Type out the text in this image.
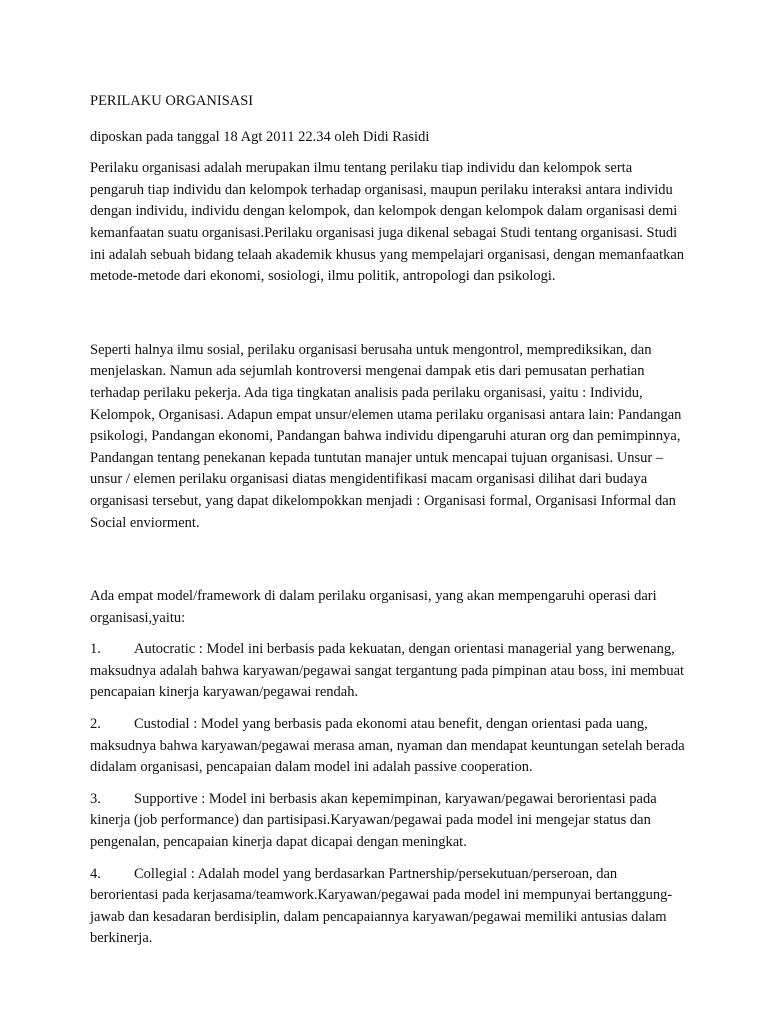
PERILAKU ORGANISASI

diposkan pada tanggal 18 Agt 2011 22.34 oleh Didi Rasidi

Perilaku organisasi adalah merupakan ilmu tentang perilaku tiap individu dan kelompok serta pengaruh tiap individu dan kelompok terhadap organisasi, maupun perilaku interaksi antara individu dengan individu, individu dengan kelompok, dan kelompok dengan kelompok dalam organisasi demi kemanfaatan suatu organisasi.Perilaku organisasi juga dikenal sebagai Studi tentang organisasi. Studi ini adalah sebuah bidang telaah akademik khusus yang mempelajari organisasi, dengan memanfaatkan metode-metode dari ekonomi, sosiologi, ilmu politik, antropologi dan psikologi.

Seperti halnya ilmu sosial, perilaku organisasi berusaha untuk mengontrol, memprediksikan, dan menjelaskan. Namun ada sejumlah kontroversi mengenai dampak etis dari pemusatan perhatian terhadap perilaku pekerja. Ada tiga tingkatan analisis pada perilaku organisasi, yaitu : Individu, Kelompok, Organisasi. Adapun empat unsur/elemen utama perilaku organisasi antara lain: Pandangan psikologi, Pandangan ekonomi, Pandangan bahwa individu dipengaruhi aturan org dan pemimpinnya, Pandangan tentang penekanan kepada tuntutan manajer untuk mencapai tujuan organisasi. Unsur – unsur / elemen perilaku organisasi diatas mengidentifikasi macam organisasi dilihat dari budaya organisasi tersebut, yang dapat dikelompokkan menjadi : Organisasi formal, Organisasi Informal dan Social enviorment.

Ada empat model/framework di dalam perilaku organisasi, yang akan mempengaruhi operasi dari organisasi,yaitu:

1. Autocratic : Model ini berbasis pada kekuatan, dengan orientasi managerial yang berwenang, maksudnya adalah bahwa karyawan/pegawai sangat tergantung pada pimpinan atau boss, ini membuat pencapaian kinerja karyawan/pegawai rendah.

2. Custodial : Model yang berbasis pada ekonomi atau benefit, dengan orientasi pada uang, maksudnya bahwa karyawan/pegawai merasa aman, nyaman dan mendapat keuntungan setelah berada didalam organisasi, pencapaian dalam model ini adalah passive cooperation.

3. Supportive : Model ini berbasis akan kepemimpinan, karyawan/pegawai berorientasi pada kinerja (job performance) dan partisipasi.Karyawan/pegawai pada model ini mengejar status dan pengenalan, pencapaian kinerja dapat dicapai dengan meningkat.

4. Collegial : Adalah model yang berdasarkan Partnership/persekutuan/perseroan, dan berorientasi pada kerjasama/teamwork.Karyawan/pegawai pada model ini mempunyai bertanggung-jawab dan kesadaran berdisiplin, dalam pencapaiannya karyawan/pegawai memiliki antusias dalam berkinerja.
